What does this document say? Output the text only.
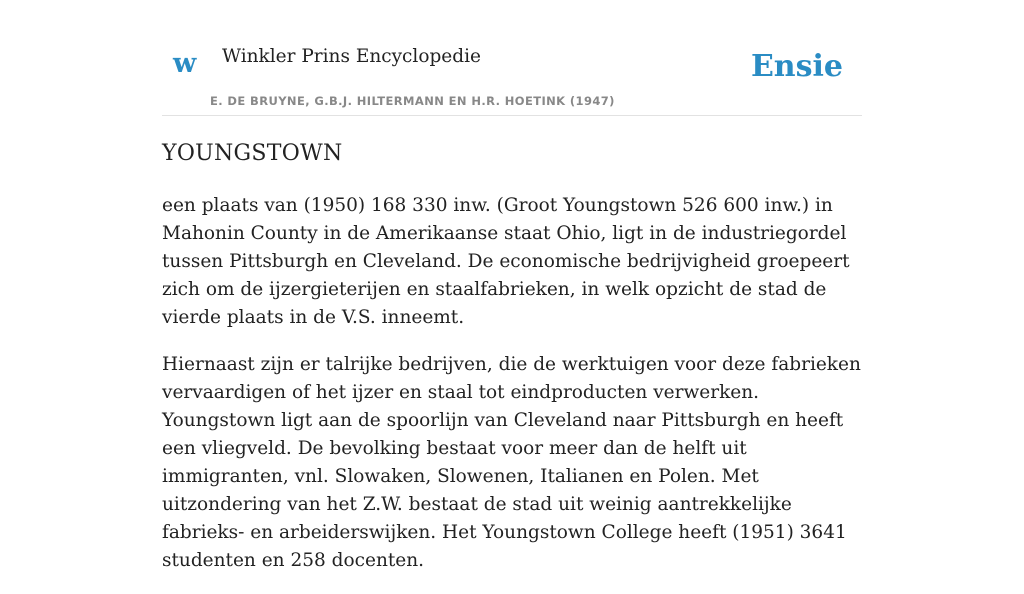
w Winkler Prins Encyclopedie
E. DE BRUYNE, G.B.J. HILTERMANN EN H.R. HOETINK (1947)
Ensie
YOUNGSTOWN

een plaats van (1950) 168 330 inw. (Groot Youngstown 526 600 inw.) in Mahonin County in de Amerikaanse staat Ohio, ligt in de industriegordel tussen Pittsburgh en Cleveland. De economische bedrijvigheid groepeert zich om de ijzergieterijen en staalfabrieken, in welk opzicht de stad de vierde plaats in de V.S. inneemt.

Hiernaast zijn er talrijke bedrijven, die de werktuigen voor deze fabrieken vervaardigen of het ijzer en staal tot eindproducten verwerken. Youngstown ligt aan de spoorlijn van Cleveland naar Pittsburgh en heeft een vliegveld. De bevolking bestaat voor meer dan de helft uit immigranten, vnl. Slowaken, Slowenen, Italianen en Polen. Met uitzondering van het Z.W. bestaat de stad uit weinig aantrekkelijke fabrieks- en arbeiderswijken. Het Youngstown College heeft (1951) 3641 studenten en 258 docenten.
